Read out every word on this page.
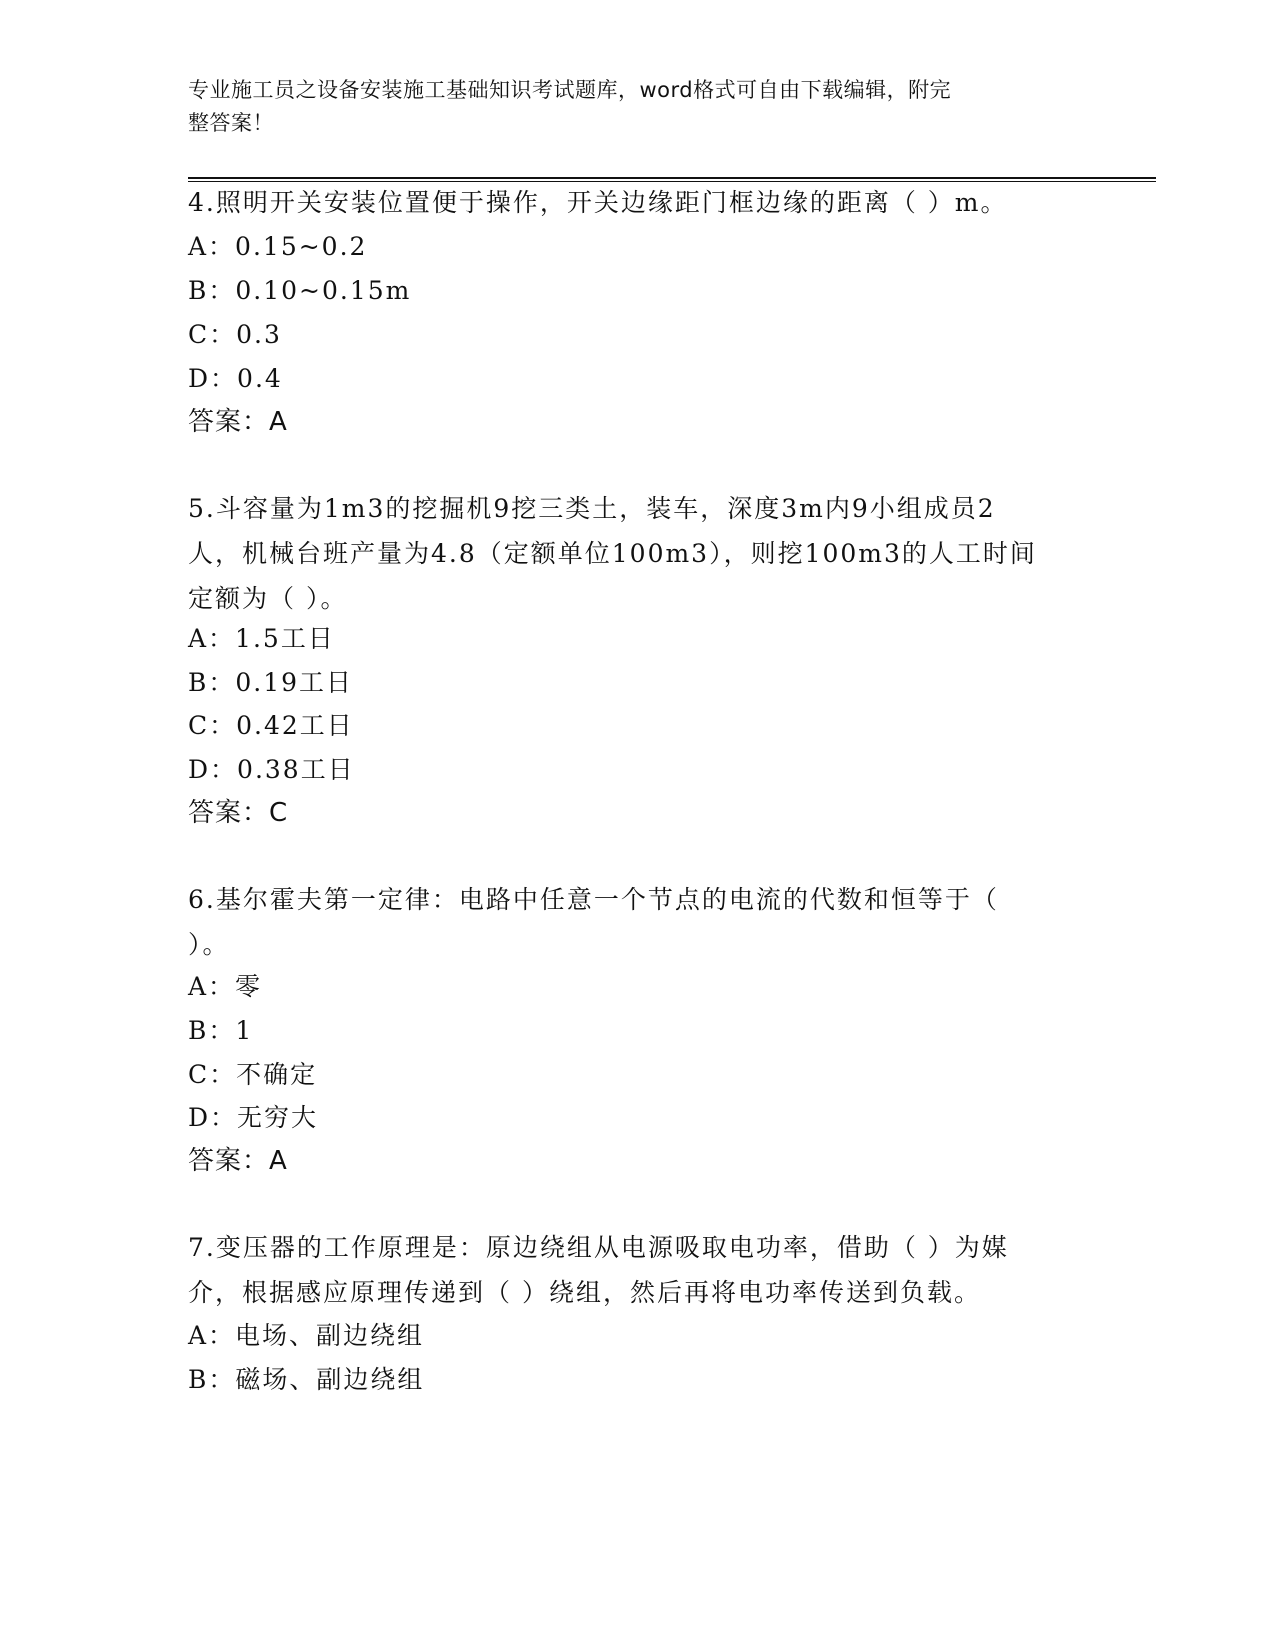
专业施工员之设备安装施工基础知识考试题库，word格式可自由下载编辑，附完
整答案！
4.照明开关安装位置便于操作，开关边缘距门框边缘的距离（ ）m。
A：0.15~0.2
B：0.10~0.15m
C：0.3
D：0.4
答案：A
5.斗容量为1m3的挖掘机9挖三类土，装车，深度3m内9小组成员2
人，机械台班产量为4.8（定额单位100m3），则挖100m3的人工时间
定额为（ ）。
A：1.5工日
B：0.19工日
C：0.42工日
D：0.38工日
答案：C
6.基尔霍夫第一定律：电路中任意一个节点的电流的代数和恒等于（
）。
A：零
B：1
C：不确定
D：无穷大
答案：A
7.变压器的工作原理是：原边绕组从电源吸取电功率，借助（ ）为媒
介，根据感应原理传递到（ ）绕组，然后再将电功率传送到负载。
A：电场、副边绕组
B：磁场、副边绕组
